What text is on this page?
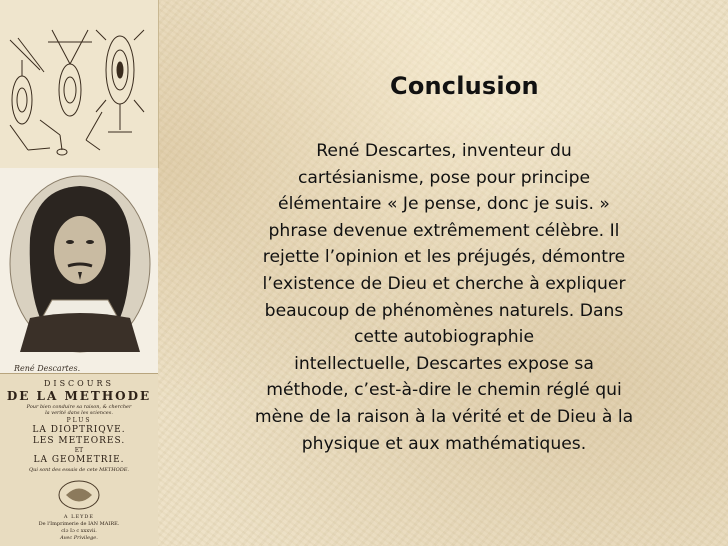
René Descartes.
DISCOURS
DE LA METHODE
Pour bien conduire sa raison, & chercher
la verité dans les sciences.
PLUS
LA DIOPTRIQVE.
LES METEORES.
ET
LA GEOMETRIE.
Qui sont des essais de cete METHODE.
A LEYDE
De l'Imprimerie de IAN MAIRE.
clɔ Iɔ c xxxvii.
Avec Privilege.
Conclusion

René Descartes, inventeur du
cartésianisme, pose pour principe
élémentaire « Je pense, donc je suis. »
phrase devenue extrêmement célèbre. Il
rejette l’opinion et les préjugés, démontre
l’existence de Dieu et cherche à expliquer
beaucoup de phénomènes naturels. Dans
cette autobiographie
intellectuelle, Descartes expose sa
méthode, c’est-à-dire le chemin réglé qui
mène de la raison à la vérité et de Dieu à la
physique et aux mathématiques.
